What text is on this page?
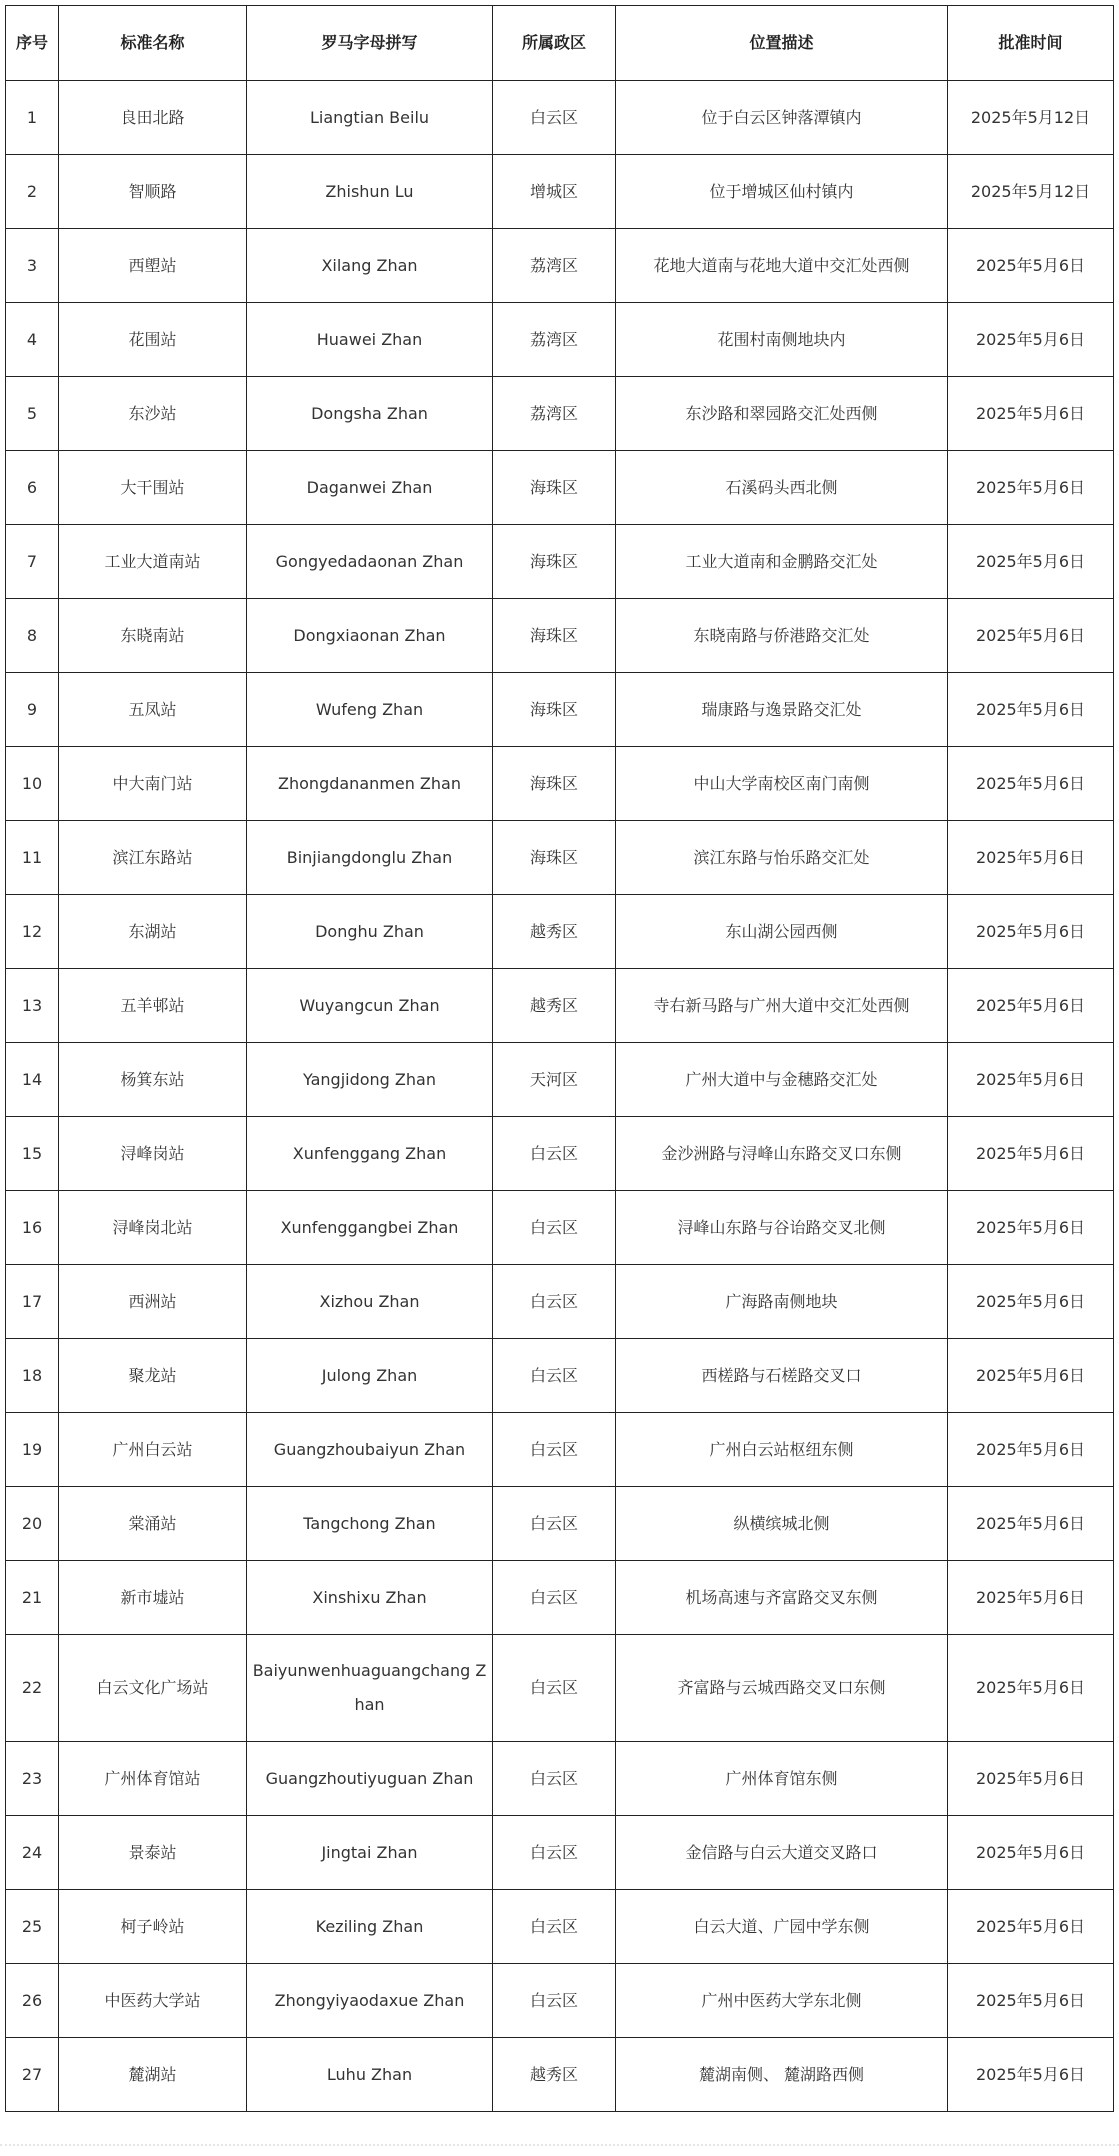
序号	标准名称	罗马字母拼写	所属政区	位置描述	批准时间
1	良田北路	Liangtian Beilu	白云区	位于白云区钟落潭镇内	2025年5月12日
2	智顺路	Zhishun Lu	增城区	位于增城区仙村镇内	2025年5月12日
3	西塱站	Xilang Zhan	荔湾区	花地大道南与花地大道中交汇处西侧	2025年5月6日
4	花围站	Huawei Zhan	荔湾区	花围村南侧地块内	2025年5月6日
5	东沙站	Dongsha Zhan	荔湾区	东沙路和翠园路交汇处西侧	2025年5月6日
6	大干围站	Daganwei Zhan	海珠区	石溪码头西北侧	2025年5月6日
7	工业大道南站	Gongyedadaonan Zhan	海珠区	工业大道南和金鹏路交汇处	2025年5月6日
8	东晓南站	Dongxiaonan Zhan	海珠区	东晓南路与侨港路交汇处	2025年5月6日
9	五凤站	Wufeng Zhan	海珠区	瑞康路与逸景路交汇处	2025年5月6日
10	中大南门站	Zhongdananmen Zhan	海珠区	中山大学南校区南门南侧	2025年5月6日
11	滨江东路站	Binjiangdonglu Zhan	海珠区	滨江东路与怡乐路交汇处	2025年5月6日
12	东湖站	Donghu Zhan	越秀区	东山湖公园西侧	2025年5月6日
13	五羊邨站	Wuyangcun Zhan	越秀区	寺右新马路与广州大道中交汇处西侧	2025年5月6日
14	杨箕东站	Yangjidong Zhan	天河区	广州大道中与金穗路交汇处	2025年5月6日
15	浔峰岗站	Xunfenggang Zhan	白云区	金沙洲路与浔峰山东路交叉口东侧	2025年5月6日
16	浔峰岗北站	Xunfenggangbei Zhan	白云区	浔峰山东路与谷诒路交叉北侧	2025年5月6日
17	西洲站	Xizhou Zhan	白云区	广海路南侧地块	2025年5月6日
18	聚龙站	Julong Zhan	白云区	西槎路与石槎路交叉口	2025年5月6日
19	广州白云站	Guangzhoubaiyun Zhan	白云区	广州白云站枢纽东侧	2025年5月6日
20	棠涌站	Tangchong Zhan	白云区	纵横缤城北侧	2025年5月6日
21	新市墟站	Xinshixu Zhan	白云区	机场高速与齐富路交叉东侧	2025年5月6日
22	白云文化广场站	Baiyunwenhuaguangchang Zhan	白云区	齐富路与云城西路交叉口东侧	2025年5月6日
23	广州体育馆站	Guangzhoutiyuguan Zhan	白云区	广州体育馆东侧	2025年5月6日
24	景泰站	Jingtai Zhan	白云区	金信路与白云大道交叉路口	2025年5月6日
25	柯子岭站	Keziling Zhan	白云区	白云大道、广园中学东侧	2025年5月6日
26	中医药大学站	Zhongyiyaodaxue Zhan	白云区	广州中医药大学东北侧	2025年5月6日
27	麓湖站	Luhu Zhan	越秀区	麓湖南侧、 麓湖路西侧	2025年5月6日
